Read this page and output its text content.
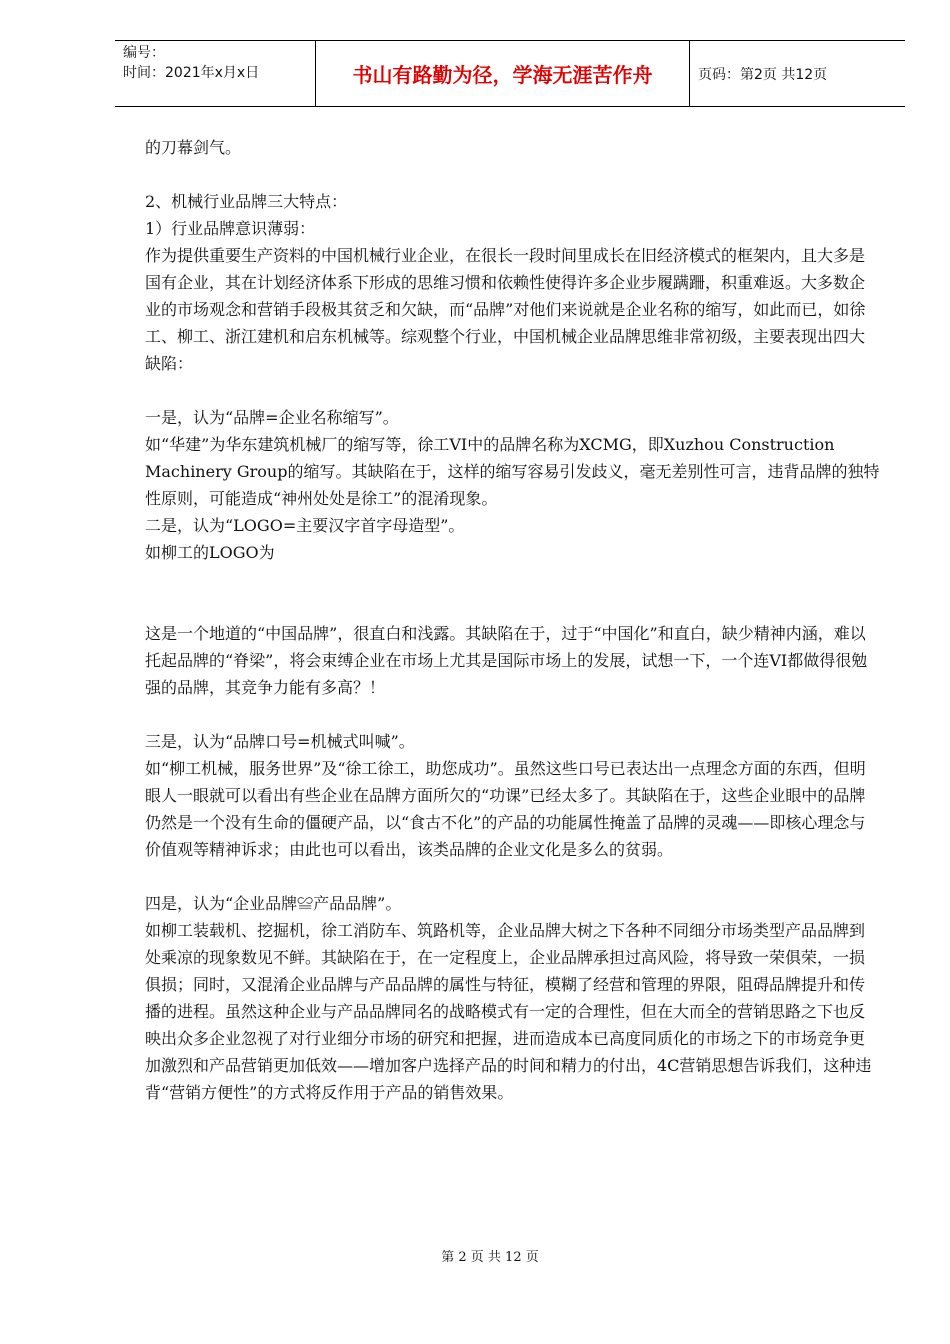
编号：
时间：2021年x月x日	书山有路勤为径，学海无涯苦作舟	页码：第2页 共12页

的刀幕剑气。

2、机械行业品牌三大特点：

1）行业品牌意识薄弱：

作为提供重要生产资料的中国机械行业企业，在很长一段时间里成长在旧经济模式的框架内，且大多是国有企业，其在计划经济体系下形成的思维习惯和依赖性使得许多企业步履蹒跚，积重难返。大多数企业的市场观念和营销手段极其贫乏和欠缺，而“品牌”对他们来说就是企业名称的缩写，如此而已，如徐工、柳工、浙江建机和启东机械等。综观整个行业，中国机械企业品牌思维非常初级，主要表现出四大缺陷：

一是，认为“品牌=企业名称缩写”。

如“华建”为华东建筑机械厂的缩写等，徐工VI中的品牌名称为XCMG，即Xuzhou Construction Machinery Group的缩写。其缺陷在于，这样的缩写容易引发歧义，毫无差别性可言，违背品牌的独特性原则，可能造成“神州处处是徐工”的混淆现象。

二是，认为“LOGO=主要汉字首字母造型”。

如柳工的LOGO为

这是一个地道的“中国品牌”，很直白和浅露。其缺陷在于，过于“中国化”和直白，缺少精神内涵，难以托起品牌的“脊梁”，将会束缚企业在市场上尤其是国际市场上的发展，试想一下，一个连VI都做得很勉强的品牌，其竞争力能有多高？！

三是，认为“品牌口号=机械式叫喊”。

如“柳工机械，服务世界”及“徐工徐工，助您成功”。虽然这些口号已表达出一点理念方面的东西，但明眼人一眼就可以看出有些企业在品牌方面所欠的“功课”已经太多了。其缺陷在于，这些企业眼中的品牌仍然是一个没有生命的僵硬产品，以“食古不化”的产品的功能属性掩盖了品牌的灵魂——即核心理念与价值观等精神诉求；由此也可以看出，该类品牌的企业文化是多么的贫弱。

四是，认为“企业品牌≌产品品牌”。

如柳工装载机、挖掘机，徐工消防车、筑路机等，企业品牌大树之下各种不同细分市场类型产品品牌到处乘凉的现象数见不鲜。其缺陷在于，在一定程度上，企业品牌承担过高风险，将导致一荣俱荣，一损俱损；同时，又混淆企业品牌与产品品牌的属性与特征，模糊了经营和管理的界限，阻碍品牌提升和传播的进程。虽然这种企业与产品品牌同名的战略模式有一定的合理性，但在大而全的营销思路之下也反映出众多企业忽视了对行业细分市场的研究和把握，进而造成本已高度同质化的市场之下的市场竞争更加激烈和产品营销更加低效——增加客户选择产品的时间和精力的付出，4C营销思想告诉我们，这种违背“营销方便性”的方式将反作用于产品的销售效果。

第 2 页 共 12 页
